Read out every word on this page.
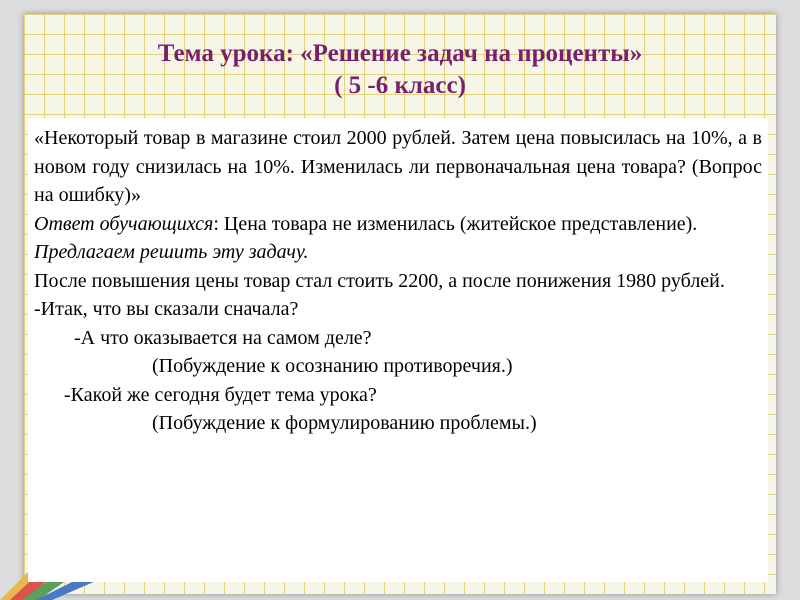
Тема урока: «Решение задач на проценты»
( 5 -6 класс)

«Некоторый товар в магазине стоил 2000 рублей. Затем цена повысилась на 10%, а в новом году снизилась на 10%. Изменилась ли первоначальная цена товара? (Вопрос на ошибку)»

Ответ обучающихся: Цена товара не изменилась (житейское представление).

Предлагаем решить эту задачу.

После повышения цены товар стал стоить 2200, а после понижения 1980 рублей.

-Итак, что вы сказали сначала?

-А что оказывается на самом деле?

(Побуждение к осознанию противоречия.)

-Какой же сегодня будет тема урока?

(Побуждение к формулированию проблемы.)
